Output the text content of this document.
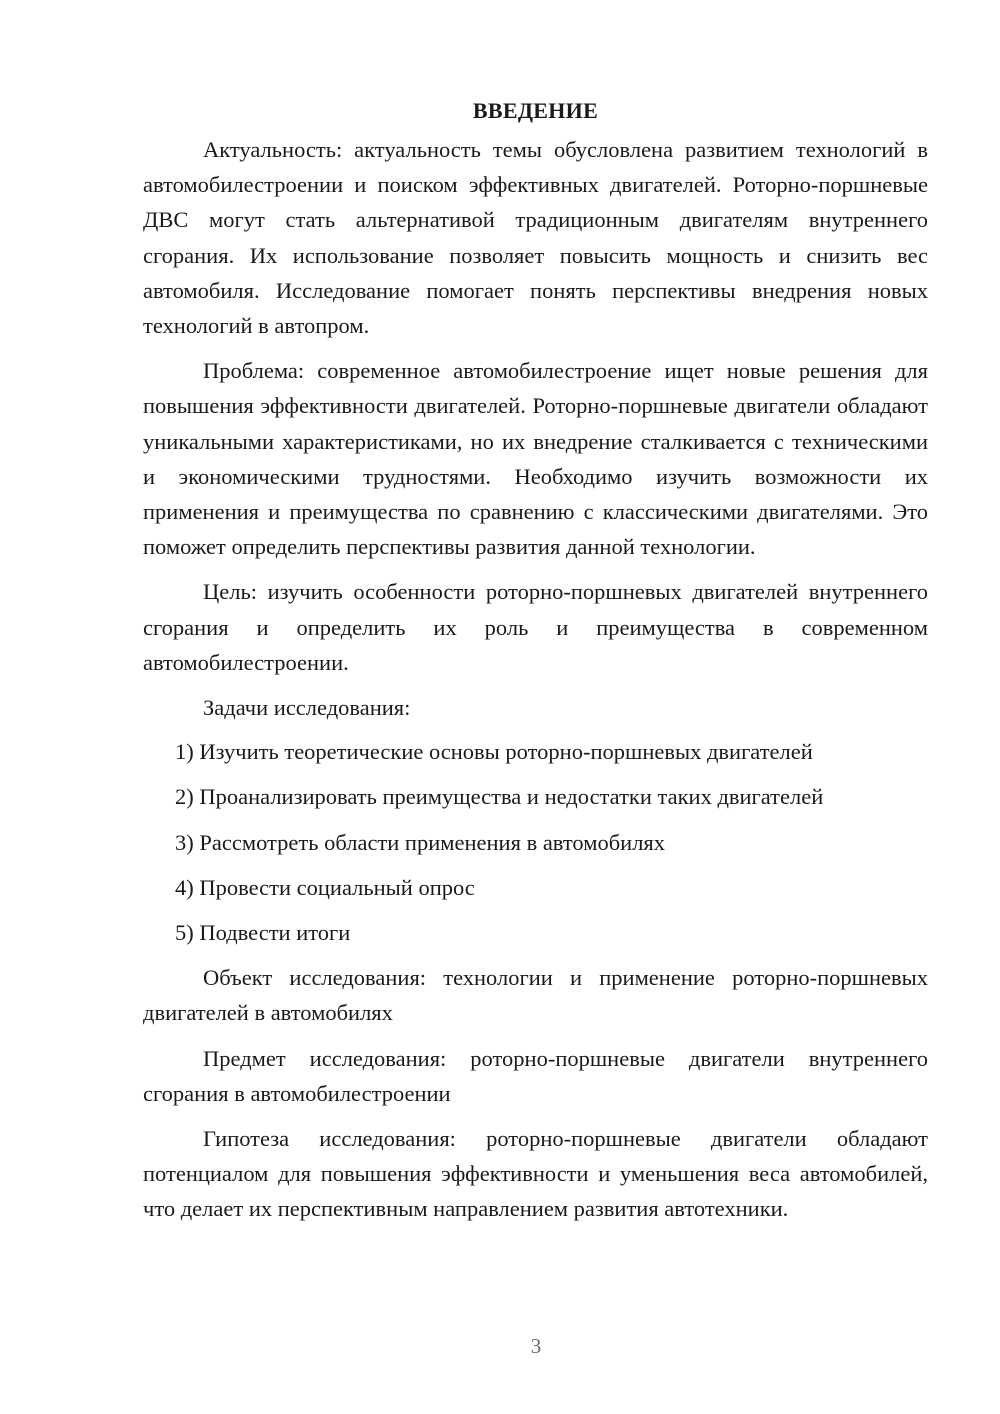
ВВЕДЕНИЕ

Актуальность: актуальность темы обусловлена развитием технологий в автомобилестроении и поиском эффективных двигателей. Роторно-поршневые ДВС могут стать альтернативой традиционным двигателям внутреннего сгорания. Их использование позволяет повысить мощность и снизить вес автомобиля. Исследование помогает понять перспективы внедрения новых технологий в автопром.

Проблема: современное автомобилестроение ищет новые решения для повышения эффективности двигателей. Роторно-поршневые двигатели обладают уникальными характеристиками, но их внедрение сталкивается с техническими и экономическими трудностями. Необходимо изучить возможности их применения и преимущества по сравнению с классическими двигателями. Это поможет определить перспективы развития данной технологии.

Цель: изучить особенности роторно-поршневых двигателей внутреннего сгорания и определить их роль и преимущества в современном автомобилестроении.

Задачи исследования:

1) Изучить теоретические основы роторно-поршневых двигателей
2) Проанализировать преимущества и недостатки таких двигателей
3) Рассмотреть области применения в автомобилях
4) Провести социальный опрос
5) Подвести итоги

Объект исследования: технологии и применение роторно-поршневых двигателей в автомобилях

Предмет исследования: роторно-поршневые двигатели внутреннего сгорания в автомобилестроении

Гипотеза исследования: роторно-поршневые двигатели обладают потенциалом для повышения эффективности и уменьшения веса автомобилей, что делает их перспективным направлением развития автотехники.

3
